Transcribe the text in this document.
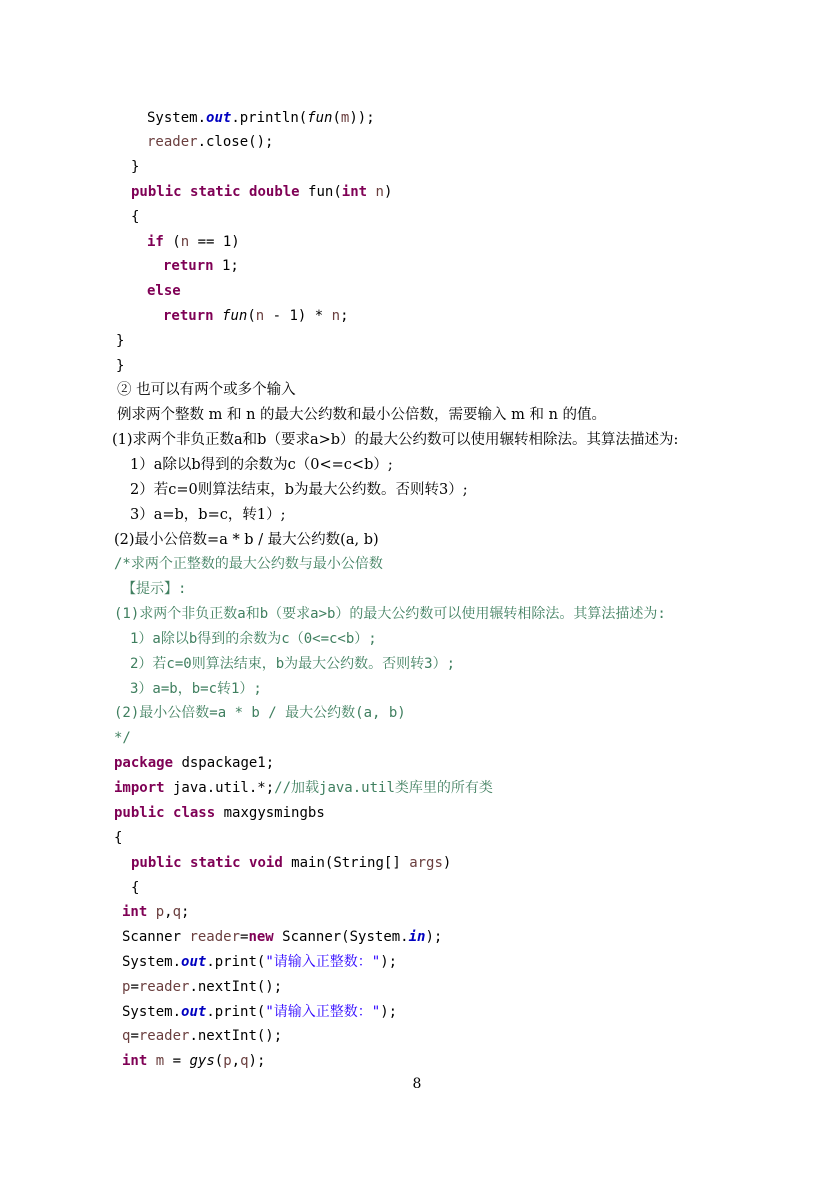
System.out.println(fun(m));
reader.close();
}
public static double fun(int n)
{
if (n == 1)
return 1;
else
return fun(n - 1) * n;
}
}
② 也可以有两个或多个输入
例求两个整数 m 和 n 的最大公约数和最小公倍数，需要输入 m 和 n 的值。
(1)求两个非负正数a和b（要求a>b）的最大公约数可以使用辗转相除法。其算法描述为:
1）a除以b得到的余数为c（0<=c<b）;
2）若c=0则算法结束，b为最大公约数。否则转3）;
3）a=b，b=c，转1）;
(2)最小公倍数=a * b / 最大公约数(a, b)
/*求两个正整数的最大公约数与最小公倍数
【提示】:
(1)求两个非负正数a和b（要求a>b）的最大公约数可以使用辗转相除法。其算法描述为:
1）a除以b得到的余数为c（0<=c<b）;
2）若c=0则算法结束，b为最大公约数。否则转3）;
3）a=b，b=c转1）;
(2)最小公倍数=a * b / 最大公约数(a, b)
*/
package dspackage1;
import java.util.*;//加载java.util类库里的所有类
public class maxgysmingbs
{
public static void main(String[] args)
{
int p,q;
Scanner reader=new Scanner(System.in);
System.out.print("请输入正整数：");
p=reader.nextInt();
System.out.print("请输入正整数：");
q=reader.nextInt();
int m = gys(p,q);
8
